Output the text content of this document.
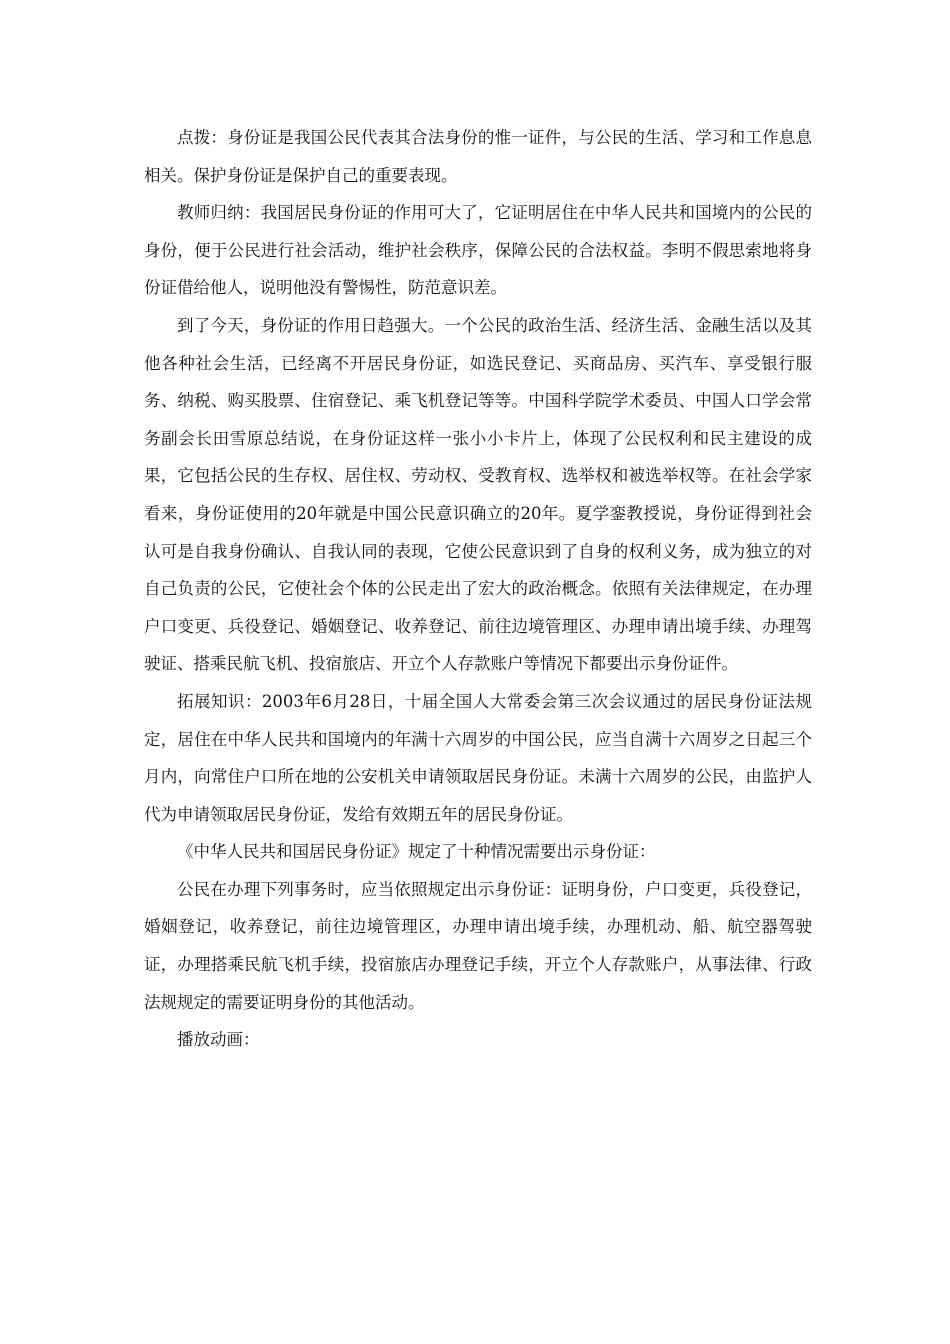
点拨：身份证是我国公民代表其合法身份的惟一证件，与公民的生活、学习和工作息息相关。保护身份证是保护自己的重要表现。

教师归纳：我国居民身份证的作用可大了，它证明居住在中华人民共和国境内的公民的身份，便于公民进行社会活动，维护社会秩序，保障公民的合法权益。李明不假思索地将身份证借给他人，说明他没有警惕性，防范意识差。

到了今天，身份证的作用日趋强大。一个公民的政治生活、经济生活、金融生活以及其他各种社会生活，已经离不开居民身份证，如选民登记、买商品房、买汽车、享受银行服务、纳税、购买股票、住宿登记、乘飞机登记等等。中国科学院学术委员、中国人口学会常务副会长田雪原总结说，在身份证这样一张小小卡片上，体现了公民权利和民主建设的成果，它包括公民的生存权、居住权、劳动权、受教育权、选举权和被选举权等。在社会学家看来，身份证使用的20年就是中国公民意识确立的20年。夏学銮教授说，身份证得到社会认可是自我身份确认、自我认同的表现，它使公民意识到了自身的权利义务，成为独立的对自己负责的公民，它使社会个体的公民走出了宏大的政治概念。依照有关法律规定，在办理户口变更、兵役登记、婚姻登记、收养登记、前往边境管理区、办理申请出境手续、办理驾驶证、搭乘民航飞机、投宿旅店、开立个人存款账户等情况下都要出示身份证件。

拓展知识：2003年6月28日，十届全国人大常委会第三次会议通过的居民身份证法规定，居住在中华人民共和国境内的年满十六周岁的中国公民，应当自满十六周岁之日起三个月内，向常住户口所在地的公安机关申请领取居民身份证。未满十六周岁的公民，由监护人代为申请领取居民身份证，发给有效期五年的居民身份证。

《中华人民共和国居民身份证》规定了十种情况需要出示身份证：

公民在办理下列事务时，应当依照规定出示身份证：证明身份，户口变更，兵役登记，婚姻登记，收养登记，前往边境管理区，办理申请出境手续，办理机动、船、航空器驾驶证，办理搭乘民航飞机手续，投宿旅店办理登记手续，开立个人存款账户，从事法律、行政法规规定的需要证明身份的其他活动。

播放动画：
